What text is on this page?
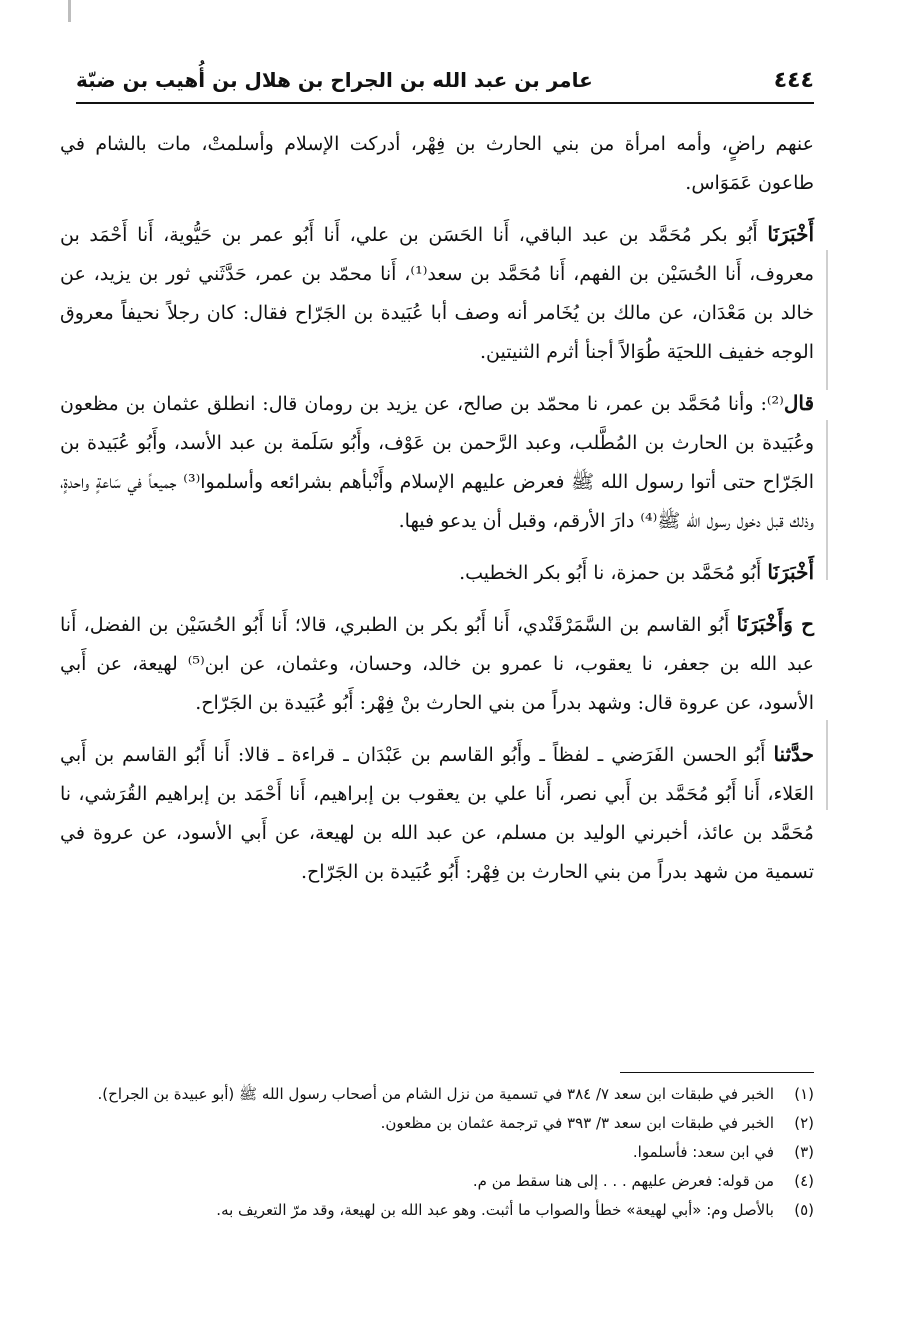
٤٤٤
عامر بن عبد الله بن الجراح بن هلال بن أُهيب بن ضبّة

عنهم راضٍ، وأمه امرأة من بني الحارث بن فِهْر، أدركت الإسلام وأسلمتْ، مات بالشام في طاعون عَمَوَاس.

أَخْبَرَنَا أَبُو بكر مُحَمَّد بن عبد الباقي، أَنا الحَسَن بن علي، أَنا أَبُو عمر بن حَيُّوية، أَنا أَحْمَد بن معروف، أَنا الحُسَيْن بن الفهم، أَنا مُحَمَّد بن سعد⁽¹⁾، أَنا محمّد بن عمر، حَدَّثَني ثور بن يزيد، عن خالد بن مَعْدَان، عن مالك بن يُخَامر أنه وصف أبا عُبَيدة بن الجَرّاح فقال: كان رجلاً نحيفاً معروق الوجه خفيف اللحيَة طُوَالاً أجنأ أثرم الثنيتين.

قال⁽²⁾: وأنا مُحَمَّد بن عمر، نا محمّد بن صالح، عن يزيد بن رومان قال: انطلق عثمان بن مظعون وعُبَيدة بن الحارث بن المُطَّلب، وعبد الرَّحمن بن عَوْف، وأَبُو سَلَمة بن عبد الأسد، وأَبُو عُبَيدة بن الجَرّاح حتى أتوا رسول الله ﷺ فعرض عليهم الإسلام وأَنْبأهم بشرائعه وأسلموا⁽³⁾ جميعاً في سَاعةٍ واحدةٍ، وذلك قبل دخول رسول الله ﷺ⁽⁴⁾ دارَ الأرقم، وقبل أن يدعو فيها.

أَخْبَرَنَا أَبُو مُحَمَّد بن حمزة، نا أَبُو بكر الخطيب.

ح وَأَخْبَرَنَا أَبُو القاسم بن السَّمَرْقَنْدي، أَنا أَبُو بكر بن الطبري، قالا؛ أَنا أَبُو الحُسَيْن بن الفضل، أَنا عبد الله بن جعفر، نا يعقوب، نا عمرو بن خالد، وحسان، وعثمان، عن ابن⁽⁵⁾ لهيعة، عن أَبي الأسود، عن عروة قال: وشهد بدراً من بني الحارث بنْ فِهْر: أَبُو عُبَيدة بن الجَرّاح.

حدَّثنا أَبُو الحسن الفَرَضي ـ لفظاً ـ وأَبُو القاسم بن عَبْدَان ـ قراءة ـ قالا: أَنا أَبُو القاسم بن أَبي العَلاء، أَنا أَبُو مُحَمَّد بن أَبي نصر، أَنا علي بن يعقوب بن إبراهيم، أَنا أَحْمَد بن إبراهيم القُرَشي، نا مُحَمَّد بن عائذ، أخبرني الوليد بن مسلم، عن عبد الله بن لهيعة، عن أَبي الأسود، عن عروة في تسمية من شهد بدراً من بني الحارث بن فِهْر: أَبُو عُبَيدة بن الجَرّاح.

(١)
الخبر في طبقات ابن سعد ٧/ ٣٨٤ في تسمية من نزل الشام من أصحاب رسول الله ﷺ (أبو عبيدة بن الجراح).
(٢)
الخبر في طبقات ابن سعد ٣/ ٣٩٣ في ترجمة عثمان بن مظعون.
(٣)
في ابن سعد: فأسلموا.
(٤)
من قوله: فعرض عليهم . . . إلى هنا سقط من م.
(٥)
بالأصل وم: «أبي لهيعة» خطأ والصواب ما أثبت. وهو عبد الله بن لهيعة، وقد مرّ التعريف به.
